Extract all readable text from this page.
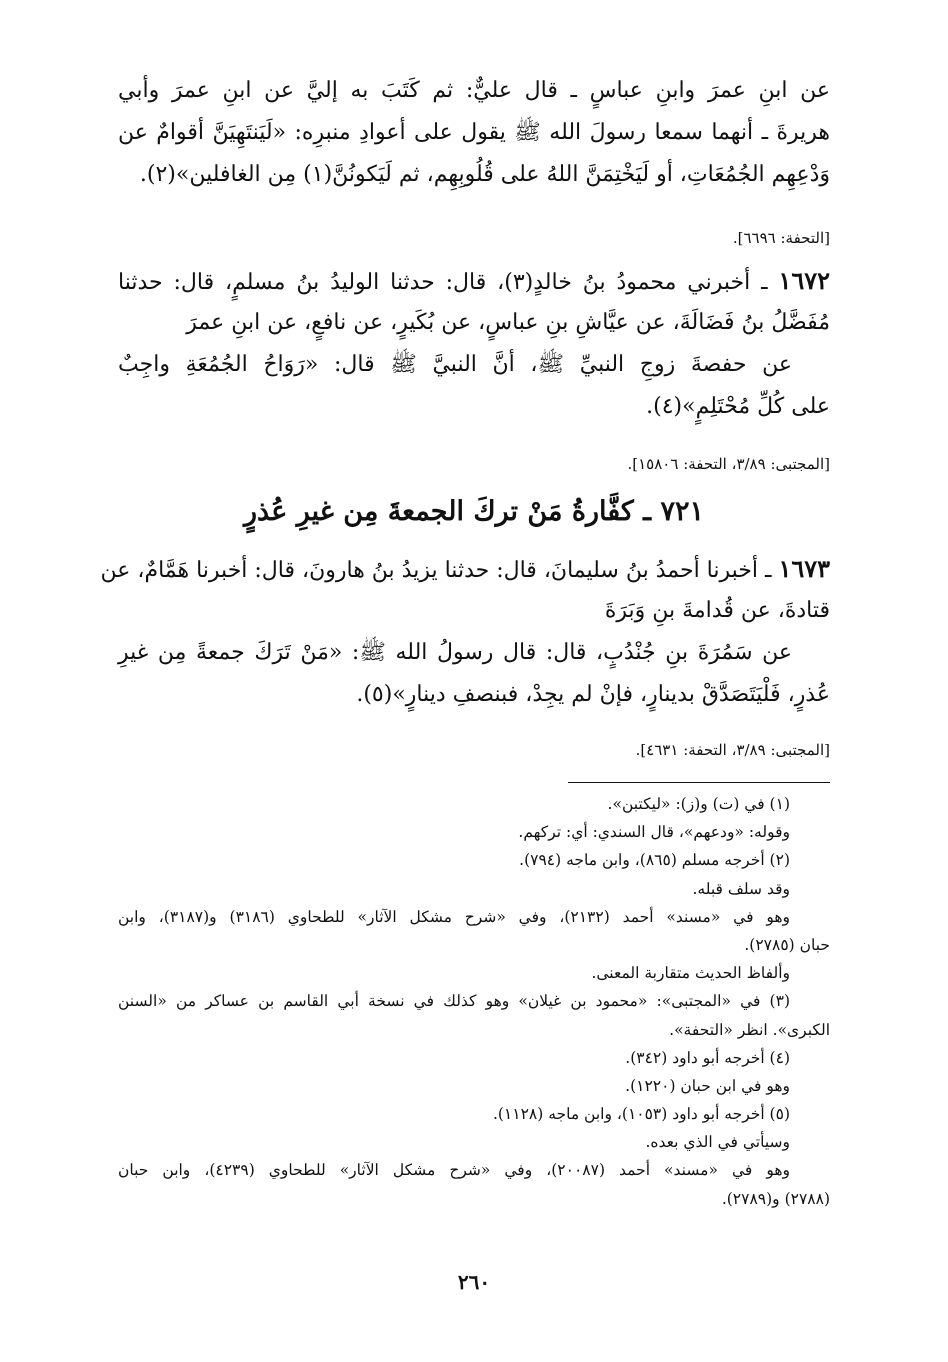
عن ابنِ عمرَ وابنِ عباسٍ ـ قال عليٌّ: ثم كَتَبَ به إليَّ عن ابنِ عمرَ وأبي
هريرةَ ـ أنهما سمعا رسولَ الله ﷺ يقول على أعوادِ منبرِه: «لَيَنتَهِيَنَّ أقوامٌ عن
وَدْعِهِم الجُمُعَاتِ، أو لَيَخْتِمَنَّ اللهُ على قُلُوبِهِم، ثم لَيَكونُنَّ(١) مِن الغافلين»(٢).
[التحفة: ٦٦٩٦].
١٦٧٢ ـ أخبرني محمودُ بنُ خالدٍ(٣)، قال: حدثنا الوليدُ بنُ مسلمٍ، قال: حدثنا
مُفَضَّلُ بنُ فَضَالَةَ، عن عيَّاشِ بنِ عباسٍ، عن بُكَيرٍ، عن نافعٍ، عن ابنِ عمرَ
عن حفصةَ زوجِ النبيِّ ﷺ، أنَّ النبيَّ ﷺ قال: «رَوَاحُ الجُمُعَةِ واجِبٌ
على كُلِّ مُحْتَلِمٍ»(٤).
[المجتبى: ٣/٨٩، التحفة: ١٥٨٠٦].
٧٢١ ـ كفَّارةُ مَنْ تركَ الجمعةَ مِن غيرِ عُذرٍ
١٦٧٣ ـ أخبرنا أحمدُ بنُ سليمانَ، قال: حدثنا يزيدُ بنُ هارونَ، قال: أخبرنا هَمَّامٌ، عن
قتادةَ، عن قُدامةَ بنِ وَبَرَةَ
عن سَمُرَةَ بنِ جُنْدُبٍ، قال: قال رسولُ الله ﷺ: «مَنْ تَرَكَ جمعةً مِن غيرِ
عُذرٍ، فَلْيَتَصَدَّقْ بدينارٍ، فإنْ لم يجِدْ، فبنصفِ دينارٍ»(٥).
[المجتبى: ٣/٨٩، التحفة: ٤٦٣١].
(١) في (ت) و(ز): «ليكتبن».
وقوله: «ودعهم»، قال السندي: أي: تركهم.
(٢) أخرجه مسلم (٨٦٥)، وابن ماجه (٧٩٤).
وقد سلف قبله.
وهو في «مسند» أحمد (٢١٣٢)، وفي «شرح مشكل الآثار» للطحاوي (٣١٨٦) و(٣١٨٧)، وابن
حبان (٢٧٨٥).
وألفاظ الحديث متقاربة المعنى.
(٣) في «المجتبى»: «محمود بن غيلان» وهو كذلك في نسخة أبي القاسم بن عساكر من «السنن
الكبرى». انظر «التحفة».
(٤) أخرجه أبو داود (٣٤٢).
وهو في ابن حبان (١٢٢٠).
(٥) أخرجه أبو داود (١٠٥٣)، وابن ماجه (١١٢٨).
وسيأتي في الذي بعده.
وهو في «مسند» أحمد (٢٠٠٨٧)، وفي «شرح مشكل الآثار» للطحاوي (٤٢٣٩)، وابن حبان
(٢٧٨٨) و(٢٧٨٩).
٢٦٠
